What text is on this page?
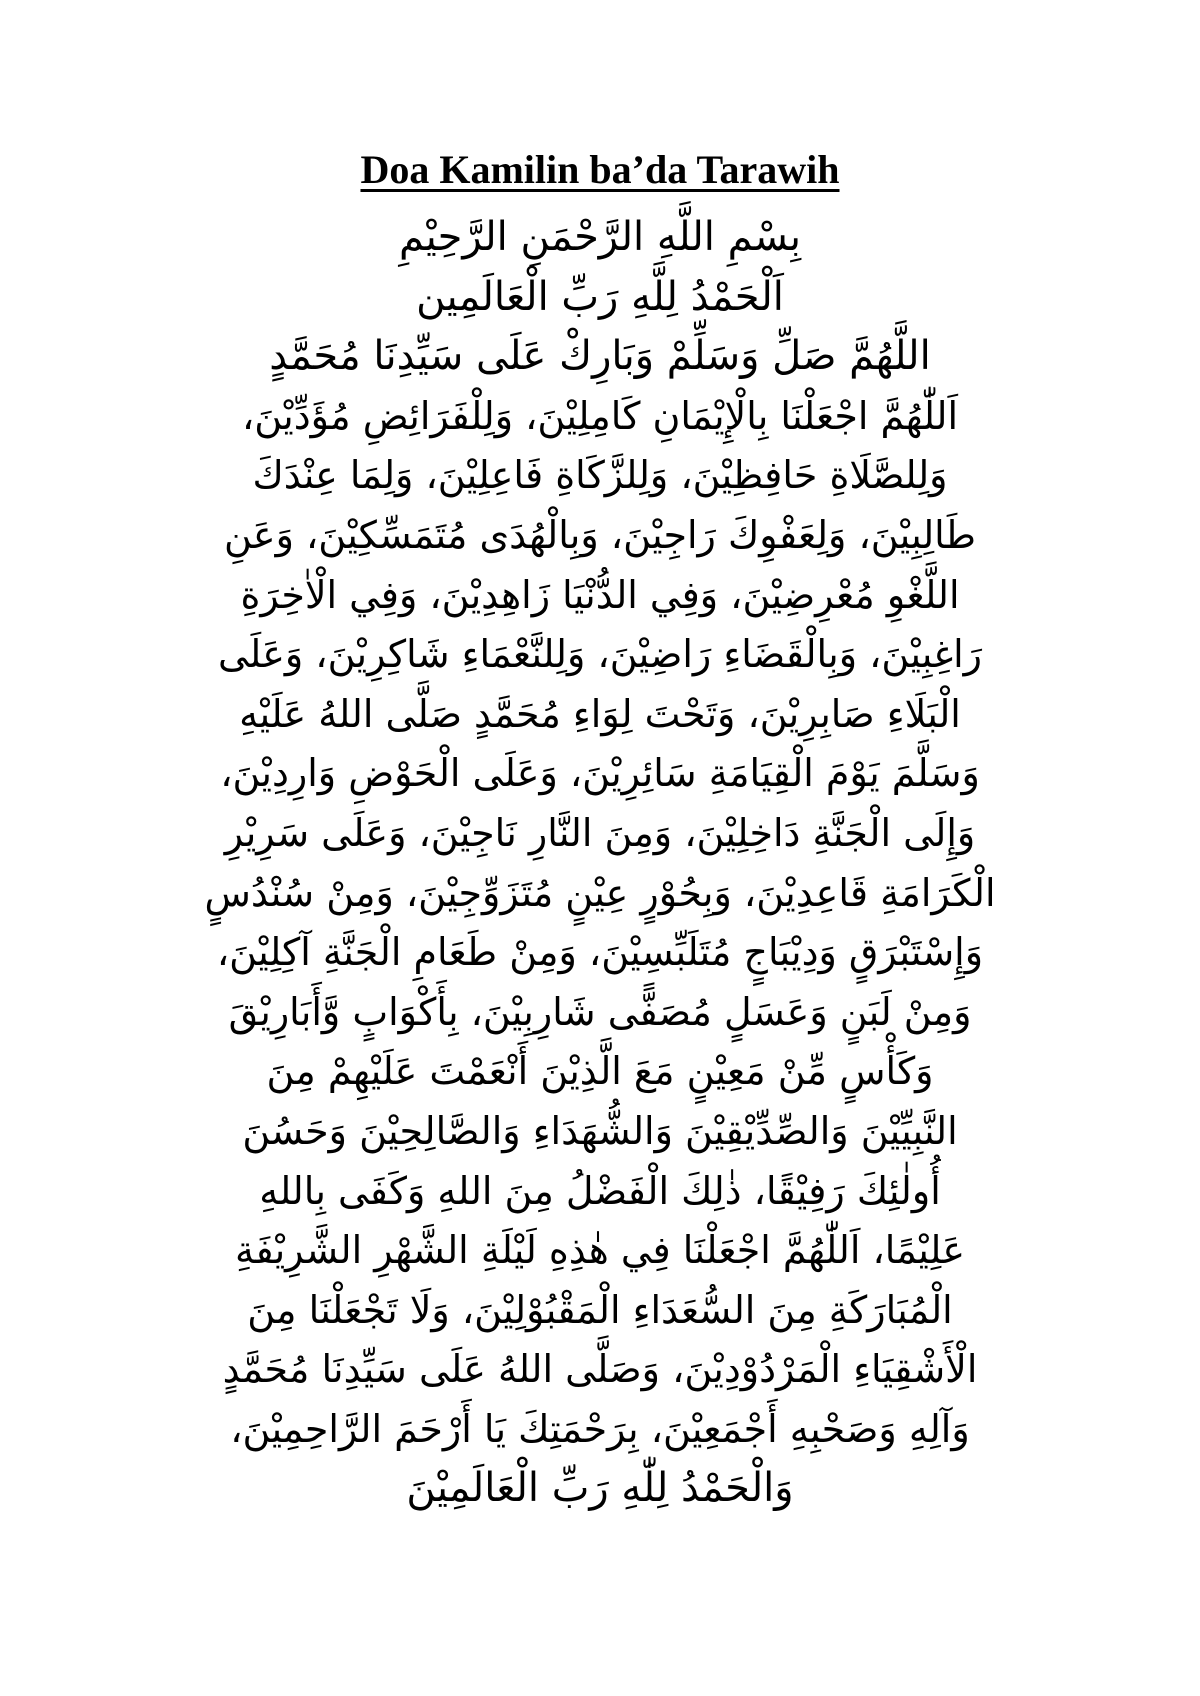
Doa Kamilin ba’da Tarawih
بِسْمِ اللَّهِ الرَّحْمَنِ الرَّحِيْمِ
اَلْحَمْدُ لِلَّهِ رَبِّ الْعَالَمِين
اللَّهُمَّ صَلِّ وَسَلِّمْ وَبَارِكْ عَلَى سَيِّدِنَا مُحَمَّدٍ
اَللّٰهُمَّ اجْعَلْنَا بِالْإِيْمَانِ كَامِلِيْنَ، وَلِلْفَرَائِضِ مُؤَدِّيْنَ،
وَلِلصَّلَاةِ حَافِظِيْنَ، وَلِلزَّكَاةِ فَاعِلِيْنَ، وَلِمَا عِنْدَكَ
طَالِبِيْنَ، وَلِعَفْوِكَ رَاجِيْنَ، وَبِالْهُدَى مُتَمَسِّكِيْنَ، وَعَنِ
اللَّغْوِ مُعْرِضِيْنَ، وَفِي الدُّنْيَا زَاهِدِيْنَ، وَفِي الْاٰخِرَةِ
رَاغِبِيْنَ، وَبِالْقَضَاءِ رَاضِيْنَ، وَلِلنَّعْمَاءِ شَاكِرِيْنَ، وَعَلَى
الْبَلَاءِ صَابِرِيْنَ، وَتَحْتَ لِوَاءِ مُحَمَّدٍ صَلَّى اللهُ عَلَيْهِ
وَسَلَّمَ يَوْمَ الْقِيَامَةِ سَائِرِيْنَ، وَعَلَى الْحَوْضِ وَارِدِيْنَ،
وَإِلَى الْجَنَّةِ دَاخِلِيْنَ، وَمِنَ النَّارِ نَاجِيْنَ، وَعَلَى سَرِيْرِ
الْكَرَامَةِ قَاعِدِيْنَ، وَبِحُوْرٍ عِيْنٍ مُتَزَوِّجِيْنَ، وَمِنْ سُنْدُسٍ
وَإِسْتَبْرَقٍ وَدِيْبَاجٍ مُتَلَبِّسِيْنَ، وَمِنْ طَعَامِ الْجَنَّةِ آكِلِيْنَ،
وَمِنْ لَبَنٍ وَعَسَلٍ مُصَفًّى شَارِبِيْنَ، بِأَكْوَابٍ وَّأَبَارِيْقَ
وَكَأْسٍ مِّنْ مَعِيْنٍ مَعَ الَّذِيْنَ أَنْعَمْتَ عَلَيْهِمْ مِنَ
النَّبِيِّيْنَ وَالصِّدِّيْقِيْنَ وَالشُّهَدَاءِ وَالصَّالِحِيْنَ وَحَسُنَ
أُولٰئِكَ رَفِيْقًا، ذٰلِكَ الْفَضْلُ مِنَ اللهِ وَكَفَى بِاللهِ
عَلِيْمًا، اَللّٰهُمَّ اجْعَلْنَا فِي هٰذِهِ لَيْلَةِ الشَّهْرِ الشَّرِيْفَةِ
الْمُبَارَكَةِ مِنَ السُّعَدَاءِ الْمَقْبُوْلِيْنَ، وَلَا تَجْعَلْنَا مِنَ
الْأَشْقِيَاءِ الْمَرْدُوْدِيْنَ، وَصَلَّى اللهُ عَلَى سَيِّدِنَا مُحَمَّدٍ
وَآلِهِ وَصَحْبِهِ أَجْمَعِيْنَ، بِرَحْمَتِكَ يَا أَرْحَمَ الرَّاحِمِيْنَ،
وَالْحَمْدُ لِلّٰهِ رَبِّ الْعَالَمِيْنَ
